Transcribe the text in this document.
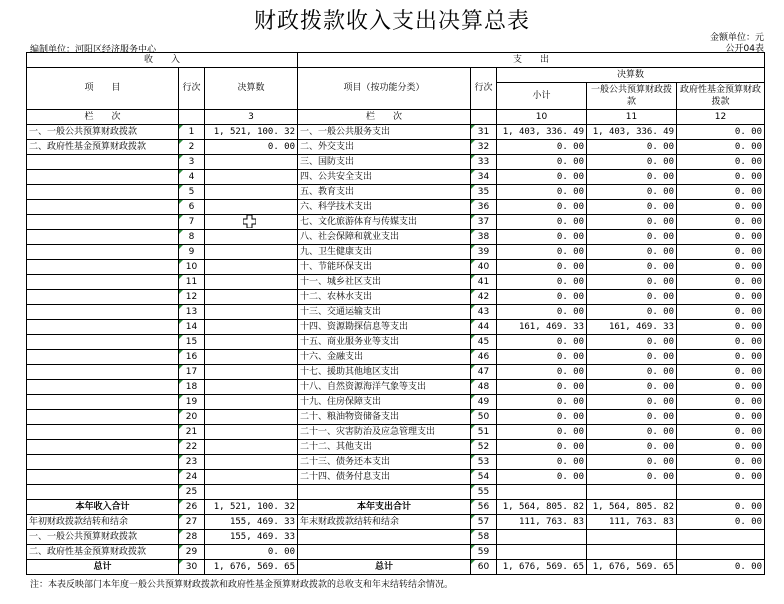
财政拨款收入支出决算总表
金额单位：元
公开04表
编制单位：河阳区经济服务中心
收　　入			支　　出				
项　　目	行次	决算数	项目（按功能分类）	行次	决算数		
					小计	一般公共预算财政拨款	政府性基金预算财政拨款

栏　　次		3	栏　　次		10	11	12
一、一般公共预算财政拨款	1	1, 521, 100. 32	一、一般公共服务支出	31	1, 403, 336. 49	1, 403, 336. 49	0. 00
二、政府性基金预算财政拨款	2	0. 00	二、外交支出	32	0. 00	0. 00	0. 00
	3		三、国防支出	33	0. 00	0. 00	0. 00
	4		四、公共安全支出	34	0. 00	0. 00	0. 00
	5		五、教育支出	35	0. 00	0. 00	0. 00
	6		六、科学技术支出	36	0. 00	0. 00	0. 00
	7		七、文化旅游体育与传媒支出	37	0. 00	0. 00	0. 00
	8		八、社会保障和就业支出	38	0. 00	0. 00	0. 00
	9		九、卫生健康支出	39	0. 00	0. 00	0. 00
	10		十、节能环保支出	40	0. 00	0. 00	0. 00
	11		十一、城乡社区支出	41	0. 00	0. 00	0. 00
	12		十二、农林水支出	42	0. 00	0. 00	0. 00
	13		十三、交通运输支出	43	0. 00	0. 00	0. 00
	14		十四、资源勘探信息等支出	44	161, 469. 33	161, 469. 33	0. 00
	15		十五、商业服务业等支出	45	0. 00	0. 00	0. 00
	16		十六、金融支出	46	0. 00	0. 00	0. 00
	17		十七、援助其他地区支出	47	0. 00	0. 00	0. 00
	18		十八、自然资源海洋气象等支出	48	0. 00	0. 00	0. 00
	19		十九、住房保障支出	49	0. 00	0. 00	0. 00
	20		二十、粮油物资储备支出	50	0. 00	0. 00	0. 00
	21		二十一、灾害防治及应急管理支出	51	0. 00	0. 00	0. 00
	22		二十二、其他支出	52	0. 00	0. 00	0. 00
	23		二十三、债务还本支出	53	0. 00	0. 00	0. 00
	24		二十四、债务付息支出	54	0. 00	0. 00	0. 00
	25			55			
本年收入合计	26	1, 521, 100. 32	本年支出合计	56	1, 564, 805. 82	1, 564, 805. 82	0. 00
年初财政拨款结转和结余	27	155, 469. 33	年末财政拨款结转和结余	57	111, 763. 83	111, 763. 83	0. 00
一、一般公共预算财政拨款	28	155, 469. 33		58			
二、政府性基金预算财政拨款	29	0. 00		59			
总计	30	1, 676, 569. 65	总计	60	1, 676, 569. 65	1, 676, 569. 65	0. 00
注：本表反映部门本年度一般公共预算财政拨款和政府性基金预算财政拨款的总收支和年末结转结余情况。
